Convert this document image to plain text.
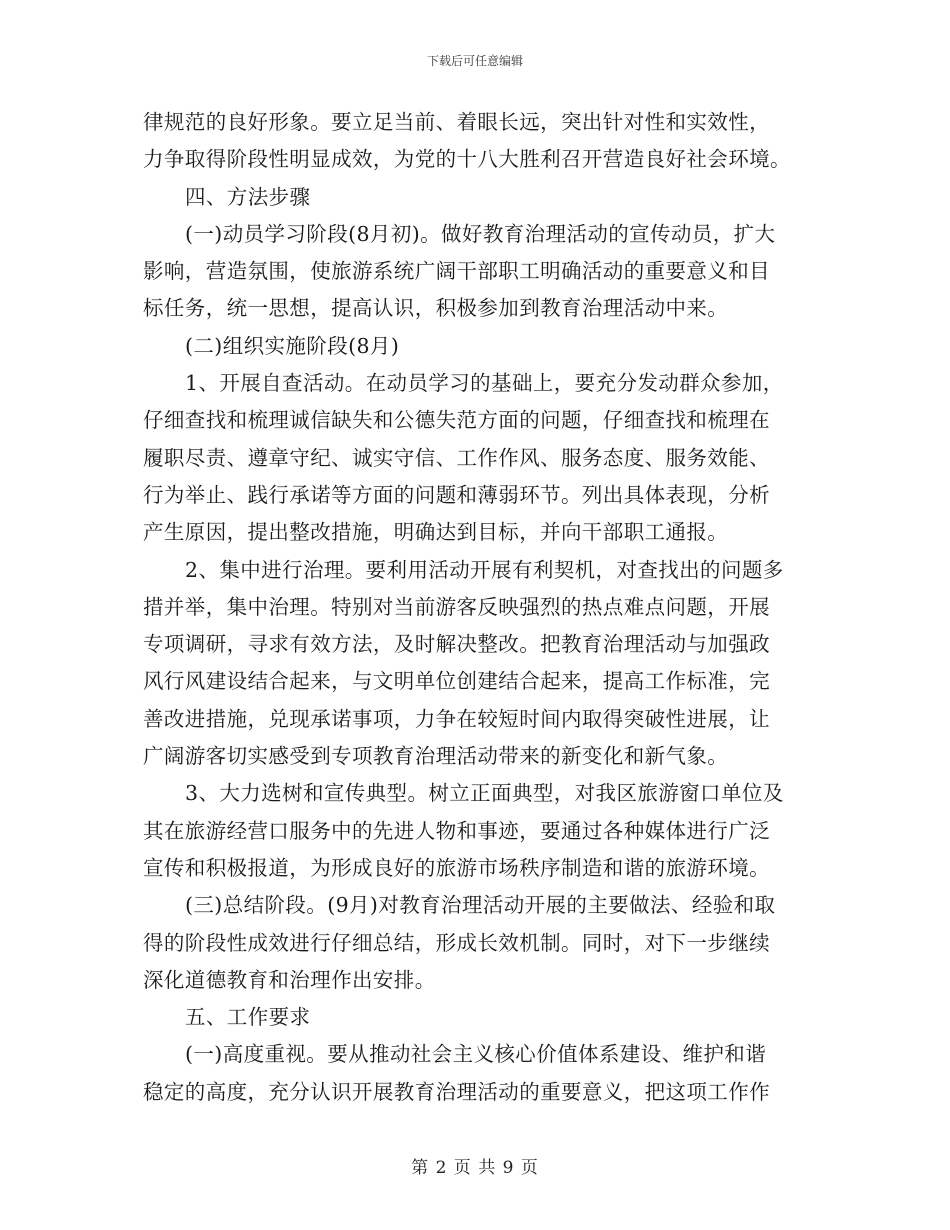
下载后可任意编辑
律规范的良好形象。要立足当前、着眼长远，突出针对性和实效性，
力争取得阶段性明显成效，为党的十八大胜利召开营造良好社会环境。
四、方法步骤
(一)动员学习阶段(8月初)。做好教育治理活动的宣传动员，扩大
影响，营造氛围，使旅游系统广阔干部职工明确活动的重要意义和目
标任务，统一思想，提高认识，积极参加到教育治理活动中来。
(二)组织实施阶段(8月)
1、开展自查活动。在动员学习的基础上，要充分发动群众参加，
仔细查找和梳理诚信缺失和公德失范方面的问题，仔细查找和梳理在
履职尽责、遵章守纪、诚实守信、工作作风、服务态度、服务效能、
行为举止、践行承诺等方面的问题和薄弱环节。列出具体表现，分析
产生原因，提出整改措施，明确达到目标，并向干部职工通报。
2、集中进行治理。要利用活动开展有利契机，对查找出的问题多
措并举，集中治理。特别对当前游客反映强烈的热点难点问题，开展
专项调研，寻求有效方法，及时解决整改。把教育治理活动与加强政
风行风建设结合起来，与文明单位创建结合起来，提高工作标准，完
善改进措施，兑现承诺事项，力争在较短时间内取得突破性进展，让
广阔游客切实感受到专项教育治理活动带来的新变化和新气象。
3、大力选树和宣传典型。树立正面典型，对我区旅游窗口单位及
其在旅游经营口服务中的先进人物和事迹，要通过各种媒体进行广泛
宣传和积极报道，为形成良好的旅游市场秩序制造和谐的旅游环境。
(三)总结阶段。(9月)对教育治理活动开展的主要做法、经验和取
得的阶段性成效进行仔细总结，形成长效机制。同时，对下一步继续
深化道德教育和治理作出安排。
五、工作要求
(一)高度重视。要从推动社会主义核心价值体系建设、维护和谐
稳定的高度，充分认识开展教育治理活动的重要意义，把这项工作作
第 2 页 共 9 页
